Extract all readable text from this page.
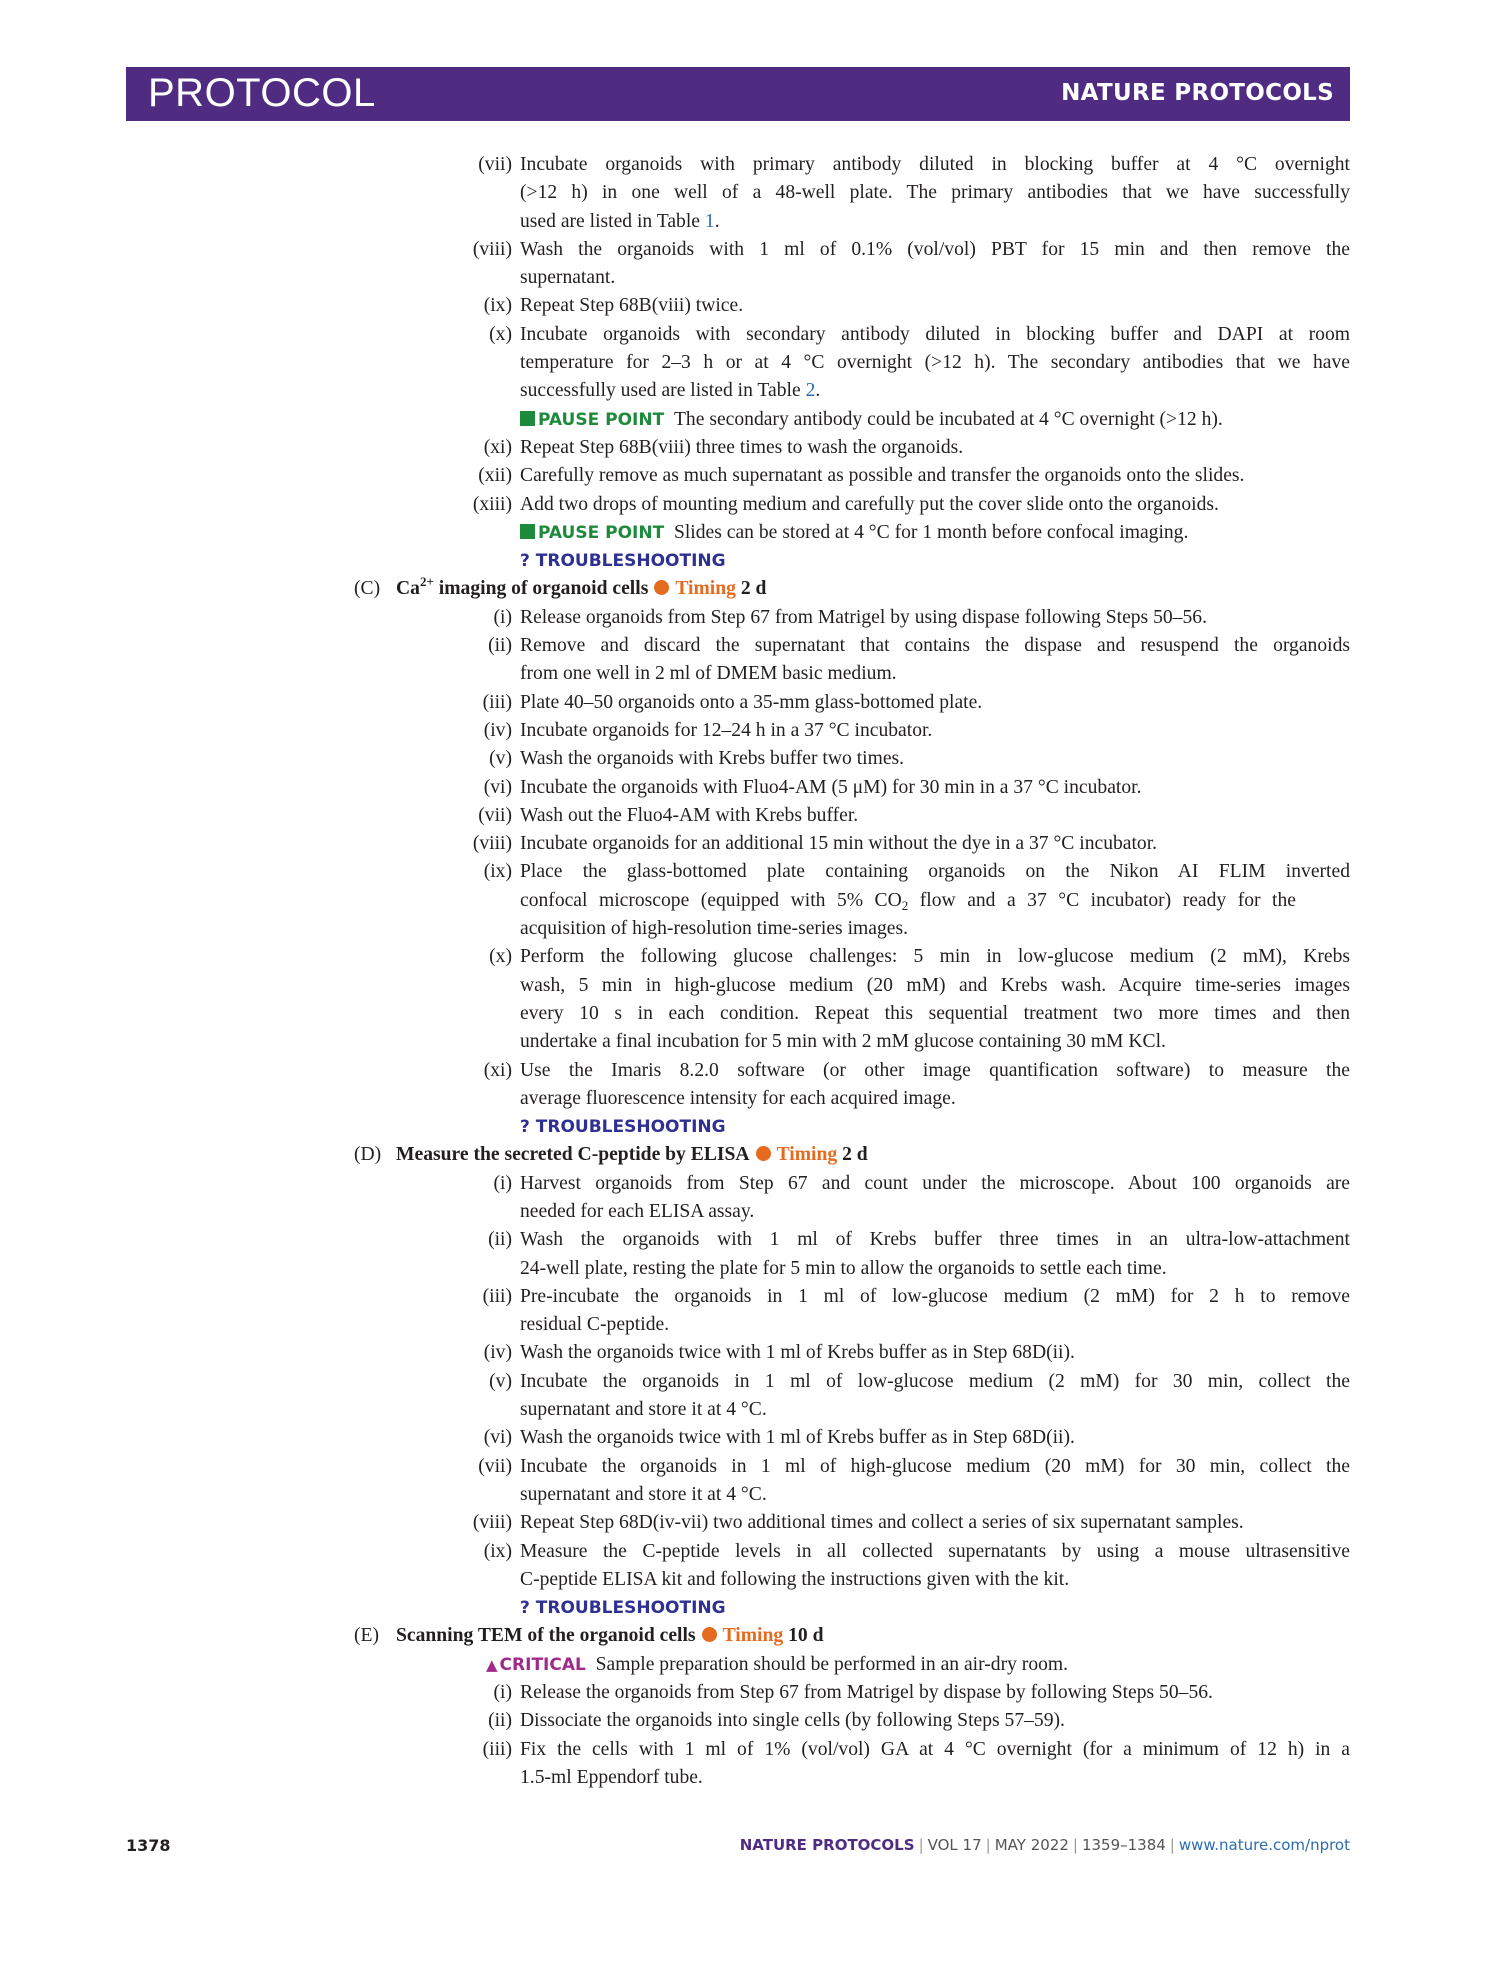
PROTOCOL	NATURE PROTOCOLS
(vii) Incubate organoids with primary antibody diluted in blocking buffer at 4 °C overnight
(>12 h) in one well of a 48-well plate. The primary antibodies that we have successfully
used are listed in Table 1.
(viii) Wash the organoids with 1 ml of 0.1% (vol/vol) PBT for 15 min and then remove the
supernatant.
(ix) Repeat Step 68B(viii) twice.
(x) Incubate organoids with secondary antibody diluted in blocking buffer and DAPI at room
temperature for 2–3 h or at 4 °C overnight (>12 h). The secondary antibodies that we have
successfully used are listed in Table 2.
PAUSE POINT The secondary antibody could be incubated at 4 °C overnight (>12 h).
(xi) Repeat Step 68B(viii) three times to wash the organoids.
(xii) Carefully remove as much supernatant as possible and transfer the organoids onto the slides.
(xiii) Add two drops of mounting medium and carefully put the cover slide onto the organoids.
PAUSE POINT Slides can be stored at 4 °C for 1 month before confocal imaging.
? TROUBLESHOOTING
(C) $Ca^{2+}$ imaging of organoid cells Timing 2 d
(i) Release organoids from Step 67 from Matrigel by using dispase following Steps 50–56.
(ii) Remove and discard the supernatant that contains the dispase and resuspend the organoids
from one well in 2 ml of DMEM basic medium.
(iii) Plate 40–50 organoids onto a 35-mm glass-bottomed plate.
(iv) Incubate organoids for 12–24 h in a 37 °C incubator.
(v) Wash the organoids with Krebs buffer two times.
(vi) Incubate the organoids with Fluo4-AM (5 μM) for 30 min in a 37 °C incubator.
(vii) Wash out the Fluo4-AM with Krebs buffer.
(viii) Incubate organoids for an additional 15 min without the dye in a 37 °C incubator.
(ix) Place the glass-bottomed plate containing organoids on the Nikon AI FLIM inverted
confocal microscope (equipped with 5% $CO_2$ flow and a 37 °C incubator) ready for the
acquisition of high-resolution time-series images.
(x) Perform the following glucose challenges: 5 min in low-glucose medium (2 mM), Krebs
wash, 5 min in high-glucose medium (20 mM) and Krebs wash. Acquire time-series images
every 10 s in each condition. Repeat this sequential treatment two more times and then
undertake a final incubation for 5 min with 2 mM glucose containing 30 mM KCl.
(xi) Use the Imaris 8.2.0 software (or other image quantification software) to measure the
average fluorescence intensity for each acquired image.
? TROUBLESHOOTING
(D) Measure the secreted C-peptide by ELISA Timing 2 d
(i) Harvest organoids from Step 67 and count under the microscope. About 100 organoids are
needed for each ELISA assay.
(ii) Wash the organoids with 1 ml of Krebs buffer three times in an ultra-low-attachment
24-well plate, resting the plate for 5 min to allow the organoids to settle each time.
(iii) Pre-incubate the organoids in 1 ml of low-glucose medium (2 mM) for 2 h to remove
residual C-peptide.
(iv) Wash the organoids twice with 1 ml of Krebs buffer as in Step 68D(ii).
(v) Incubate the organoids in 1 ml of low-glucose medium (2 mM) for 30 min, collect the
supernatant and store it at 4 °C.
(vi) Wash the organoids twice with 1 ml of Krebs buffer as in Step 68D(ii).
(vii) Incubate the organoids in 1 ml of high-glucose medium (20 mM) for 30 min, collect the
supernatant and store it at 4 °C.
(viii) Repeat Step 68D(iv-vii) two additional times and collect a series of six supernatant samples.
(ix) Measure the C-peptide levels in all collected supernatants by using a mouse ultrasensitive
C-peptide ELISA kit and following the instructions given with the kit.
? TROUBLESHOOTING
(E) Scanning TEM of the organoid cells Timing 10 d
▲ CRITICAL Sample preparation should be performed in an air-dry room.
(i) Release the organoids from Step 67 from Matrigel by dispase by following Steps 50–56.
(ii) Dissociate the organoids into single cells (by following Steps 57–59).
(iii) Fix the cells with 1 ml of 1% (vol/vol) GA at 4 °C overnight (for a minimum of 12 h) in a
1.5-ml Eppendorf tube.
1378	NATURE PROTOCOLS | VOL 17 | MAY 2022 | 1359–1384 | www.nature.com/nprot
